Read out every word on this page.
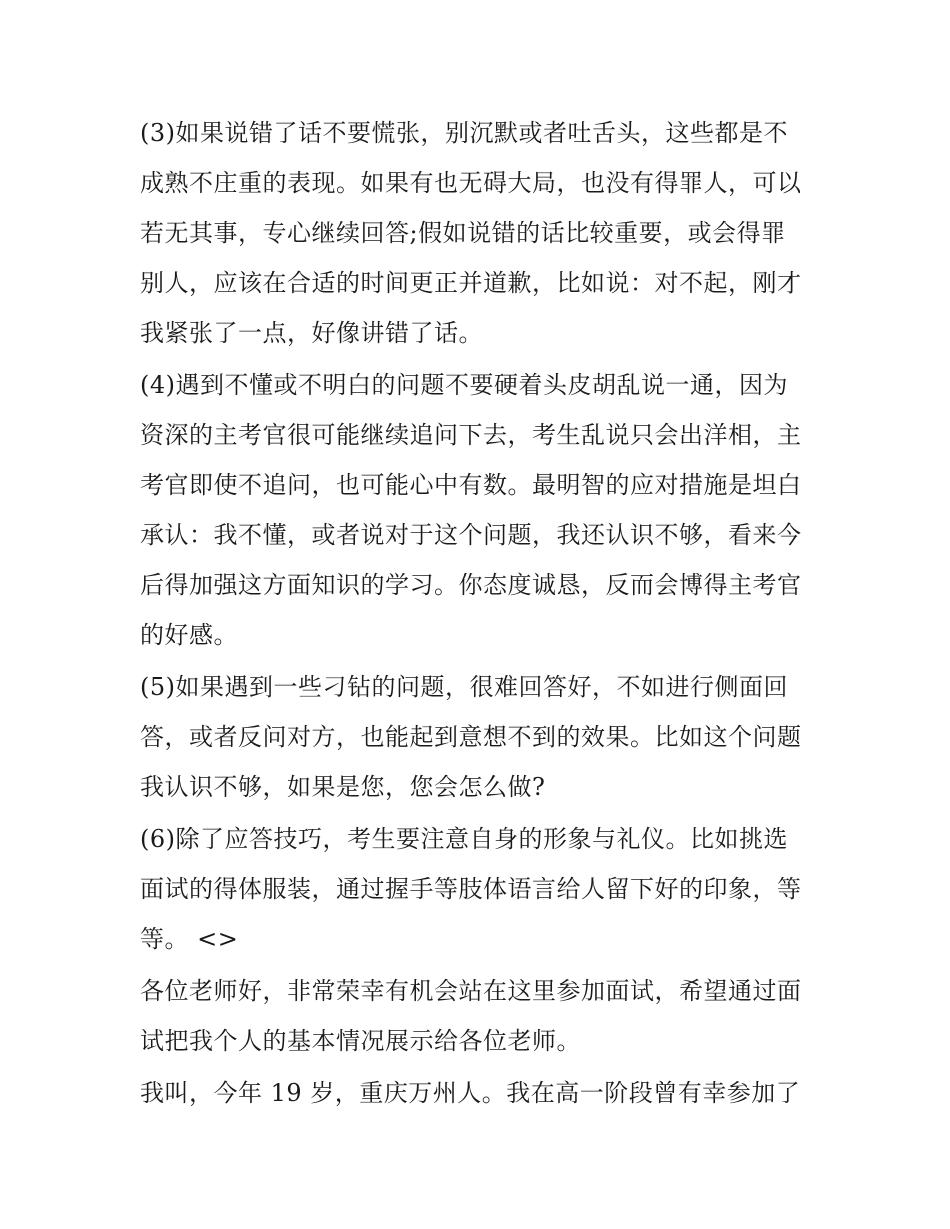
(3)如果说错了话不要慌张，别沉默或者吐舌头，这些都是不
成熟不庄重的表现。如果有也无碍大局，也没有得罪人，可以
若无其事，专心继续回答;假如说错的话比较重要，或会得罪
别人，应该在合适的时间更正并道歉，比如说：对不起，刚才
我紧张了一点，好像讲错了话。
(4)遇到不懂或不明白的问题不要硬着头皮胡乱说一通，因为
资深的主考官很可能继续追问下去，考生乱说只会出洋相，主
考官即使不追问，也可能心中有数。最明智的应对措施是坦白
承认：我不懂，或者说对于这个问题，我还认识不够，看来今
后得加强这方面知识的学习。你态度诚恳，反而会博得主考官
的好感。
(5)如果遇到一些刁钻的问题，很难回答好，不如进行侧面回
答，或者反问对方，也能起到意想不到的效果。比如这个问题
我认识不够，如果是您，您会怎么做?
(6)除了应答技巧，考生要注意自身的形象与礼仪。比如挑选
面试的得体服装，通过握手等肢体语言给人留下好的印象，等
等。 <>
各位老师好，非常荣幸有机会站在这里参加面试，希望通过面
试把我个人的基本情况展示给各位老师。
我叫，今年 19 岁，重庆万州人。我在高一阶段曾有幸参加了
